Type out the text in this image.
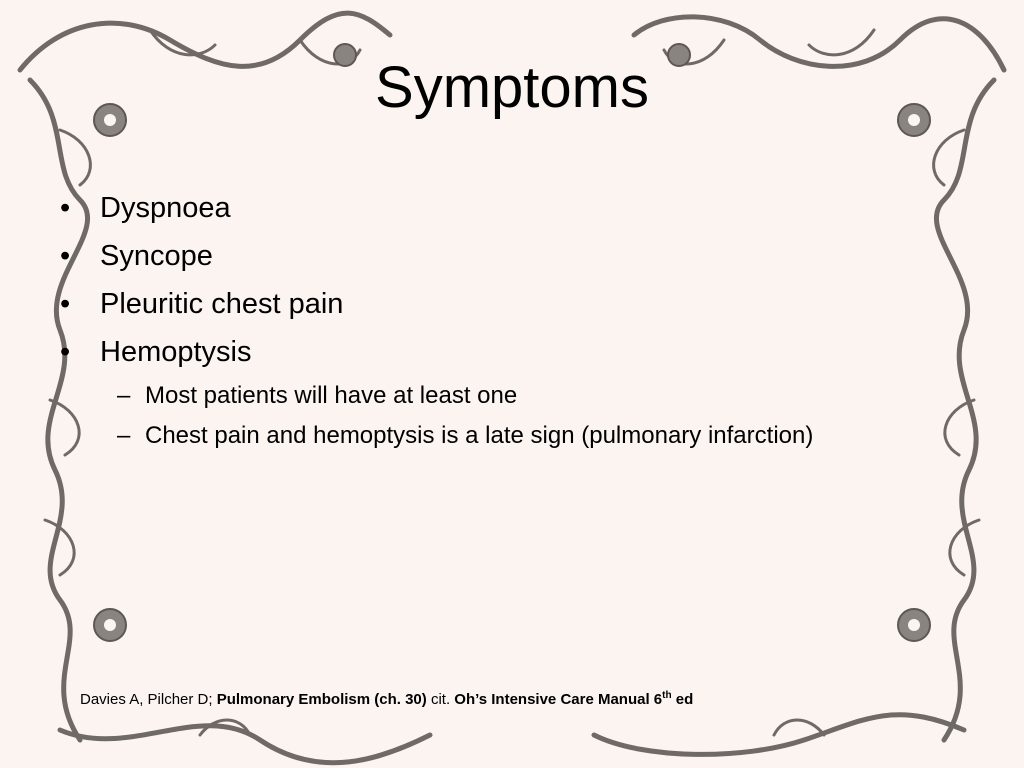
Symptoms
• Dyspnoea
• Syncope
• Pleuritic chest pain
• Hemoptysis
– Most patients will have at least one
– Chest pain and hemoptysis is a late sign (pulmonary infarction)
Davies A, Pilcher D; Pulmonary Embolism (ch. 30) cit. Oh’s Intensive Care Manual 6th ed
